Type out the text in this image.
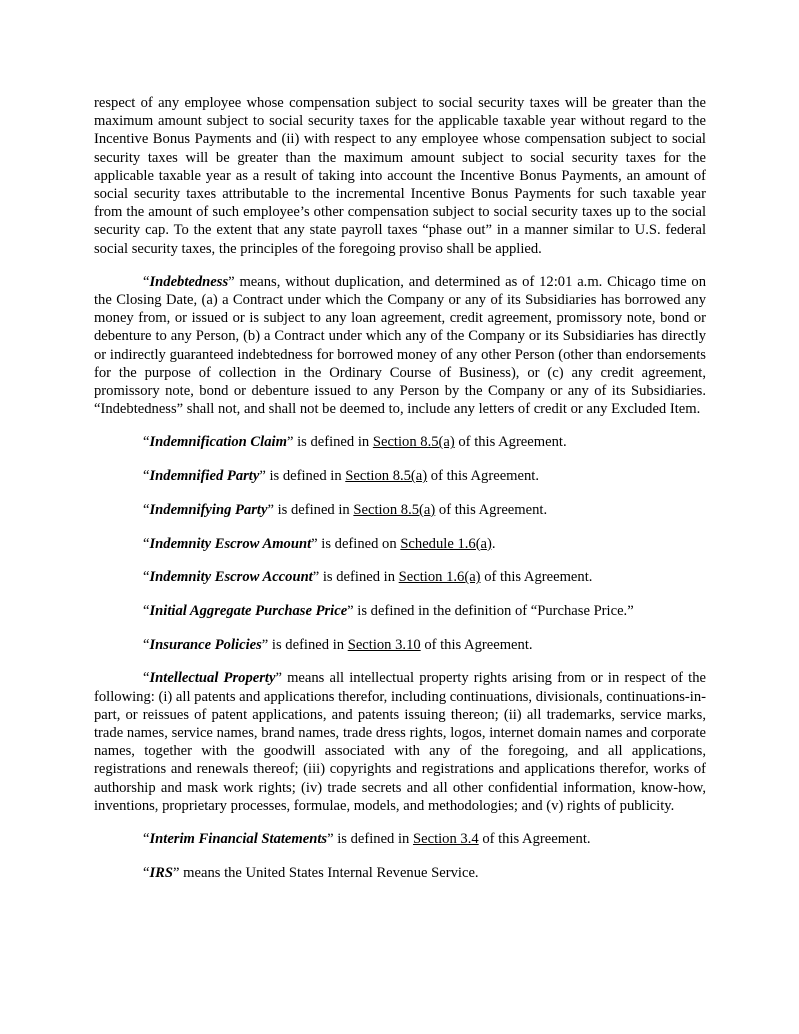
respect of any employee whose compensation subject to social security taxes will be greater than the maximum amount subject to social security taxes for the applicable taxable year without regard to the Incentive Bonus Payments and (ii) with respect to any employee whose compensation subject to social security taxes will be greater than the maximum amount subject to social security taxes for the applicable taxable year as a result of taking into account the Incentive Bonus Payments, an amount of social security taxes attributable to the incremental Incentive Bonus Payments for such taxable year from the amount of such employee’s other compensation subject to social security taxes up to the social security cap. To the extent that any state payroll taxes “phase out” in a manner similar to U.S. federal social security taxes, the principles of the foregoing proviso shall be applied.

“Indebtedness” means, without duplication, and determined as of 12:01 a.m. Chicago time on the Closing Date, (a) a Contract under which the Company or any of its Subsidiaries has borrowed any money from, or issued or is subject to any loan agreement, credit agreement, promissory note, bond or debenture to any Person, (b) a Contract under which any of the Company or its Subsidiaries has directly or indirectly guaranteed indebtedness for borrowed money of any other Person (other than endorsements for the purpose of collection in the Ordinary Course of Business), or (c) any credit agreement, promissory note, bond or debenture issued to any Person by the Company or any of its Subsidiaries. “Indebtedness” shall not, and shall not be deemed to, include any letters of credit or any Excluded Item.

“Indemnification Claim” is defined in Section 8.5(a) of this Agreement.

“Indemnified Party” is defined in Section 8.5(a) of this Agreement.

“Indemnifying Party” is defined in Section 8.5(a) of this Agreement.

“Indemnity Escrow Amount” is defined on Schedule 1.6(a).

“Indemnity Escrow Account” is defined in Section 1.6(a) of this Agreement.

“Initial Aggregate Purchase Price” is defined in the definition of “Purchase Price.”

“Insurance Policies” is defined in Section 3.10 of this Agreement.

“Intellectual Property” means all intellectual property rights arising from or in respect of the following: (i) all patents and applications therefor, including continuations, divisionals, continuations-in-part, or reissues of patent applications, and patents issuing thereon; (ii) all trademarks, service marks, trade names, service names, brand names, trade dress rights, logos, internet domain names and corporate names, together with the goodwill associated with any of the foregoing, and all applications, registrations and renewals thereof; (iii) copyrights and registrations and applications therefor, works of authorship and mask work rights; (iv) trade secrets and all other confidential information, know-how, inventions, proprietary processes, formulae, models, and methodologies; and (v) rights of publicity.

“Interim Financial Statements” is defined in Section 3.4 of this Agreement.

“IRS” means the United States Internal Revenue Service.
